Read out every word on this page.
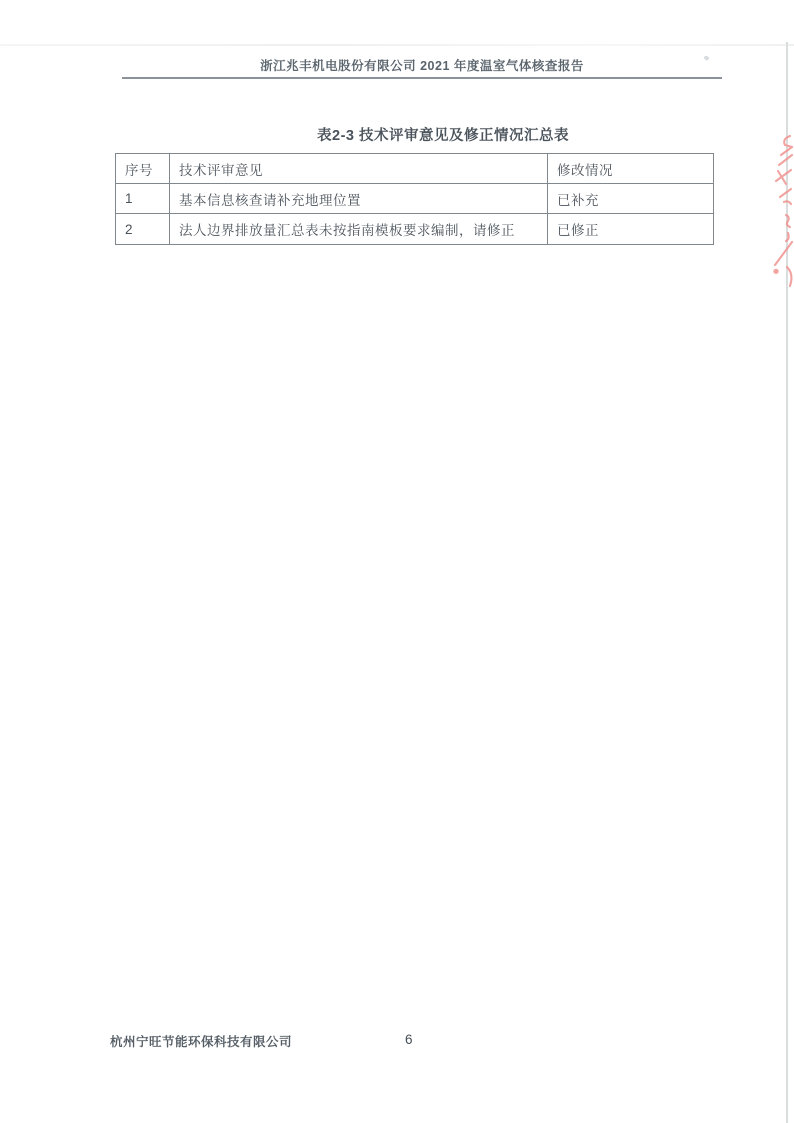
浙江兆丰机电股份有限公司 2021 年度温室气体核查报告
表2-3 技术评审意见及修正情况汇总表
序号	技术评审意见	修改情况
1	基本信息核查请补充地理位置	已补充
2	法人边界排放量汇总表未按指南模板要求编制，请修正	已修正
杭州宁旺节能环保科技有限公司	6
